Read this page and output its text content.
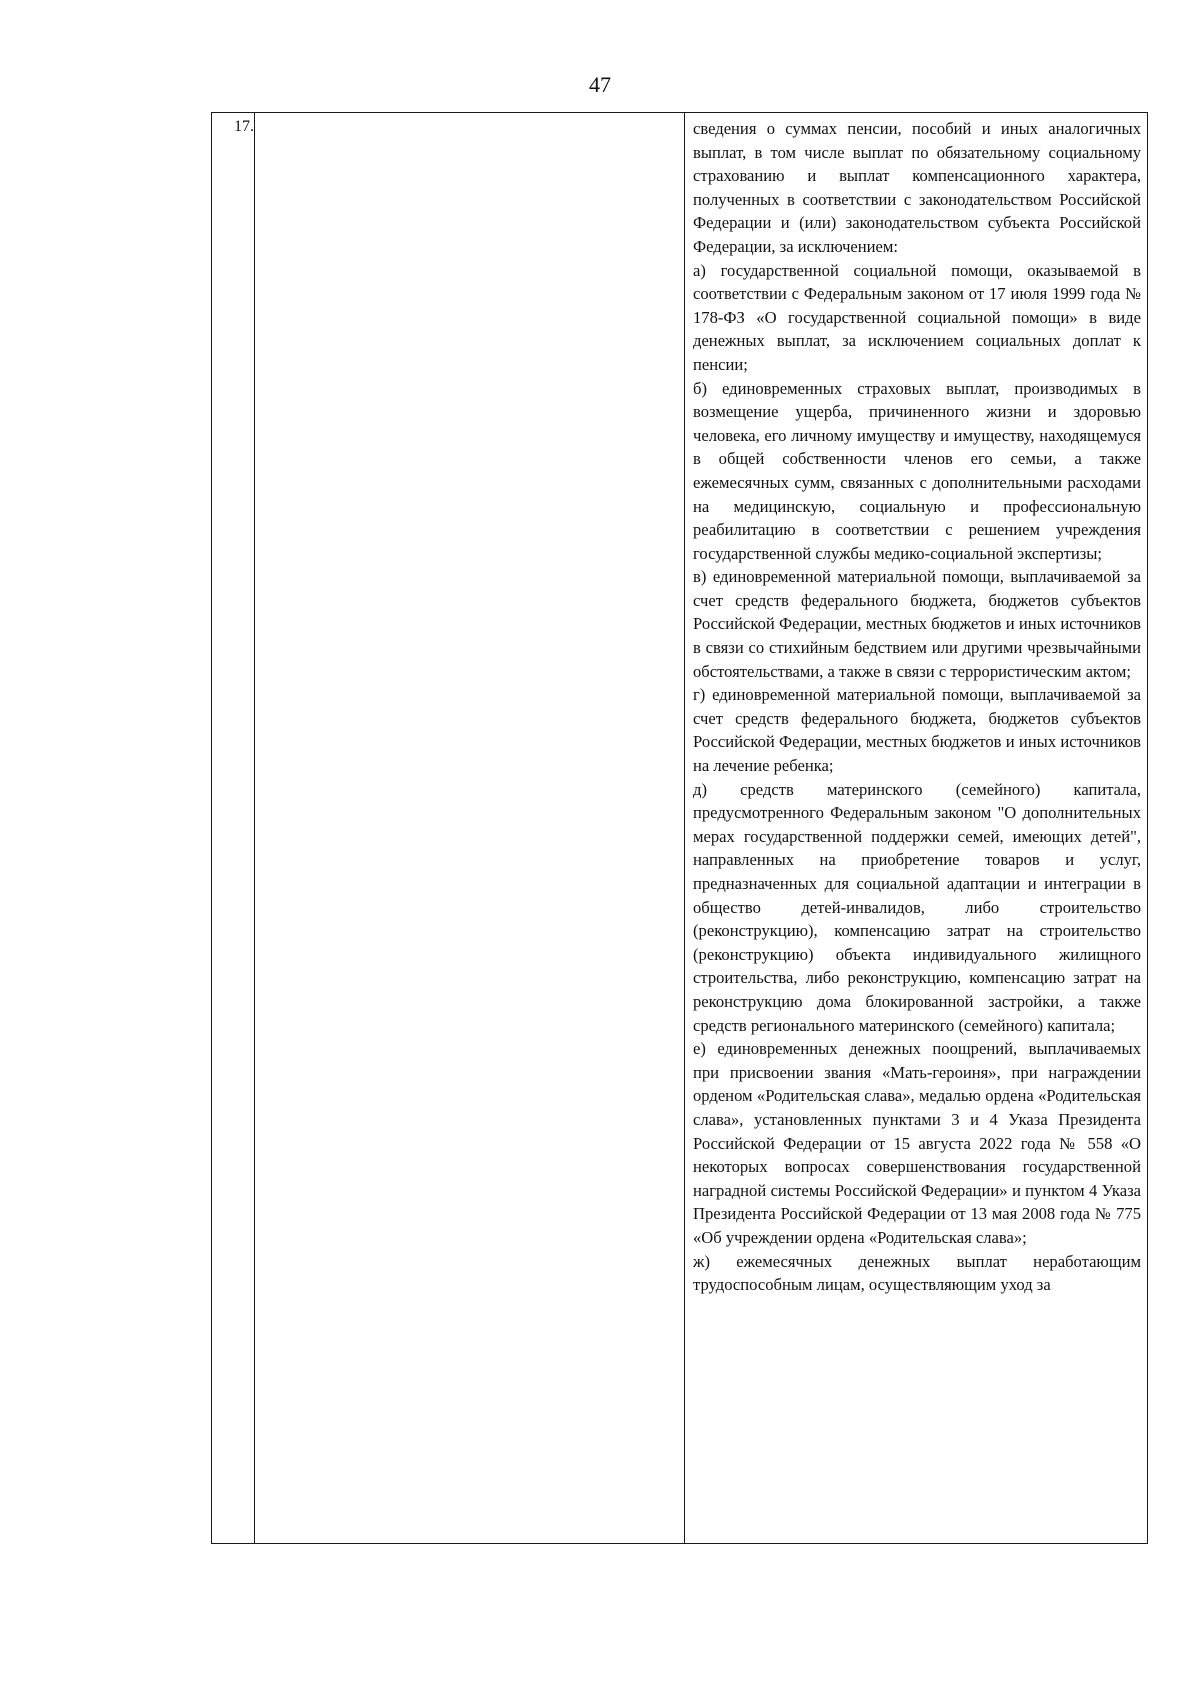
47
17.	сведения о суммах пенсии, пособий и иных аналогичных выплат, в том числе выплат по обязательному социальному страхованию и выплат компенсационного характера, полученных в соответствии с законодательством Российской Федерации и (или) законодательством субъекта Российской Федерации, за исключением:

а) государственной социальной помощи, оказываемой в соответствии с Федеральным законом от 17 июля 1999 года № 178-ФЗ «О государственной социальной помощи» в виде денежных выплат, за исключением социальных доплат к пенсии;

б) единовременных страховых выплат, производимых в возмещение ущерба, причиненного жизни и здоровью человека, его личному имуществу и имуществу, находящемуся в общей собственности членов его семьи, а также ежемесячных сумм, связанных с дополнительными расходами на медицинскую, социальную и профессиональную реабилитацию в соответствии с решением учреждения государственной службы медико-социальной экспертизы;

в) единовременной материальной помощи, выплачиваемой за счет средств федерального бюджета, бюджетов субъектов Российской Федерации, местных бюджетов и иных источников в связи со стихийным бедствием или другими чрезвычайными обстоятельствами, а также в связи с террористическим актом;

г) единовременной материальной помощи, выплачиваемой за счет средств федерального бюджета, бюджетов субъектов Российской Федерации, местных бюджетов и иных источников на лечение ребенка;

д) средств материнского (семейного) капитала, предусмотренного Федеральным законом "О дополнительных мерах государственной поддержки семей, имеющих детей", направленных на приобретение товаров и услуг, предназначенных для социальной адаптации и интеграции в общество детей-инвалидов, либо строительство (реконструкцию), компенсацию затрат на строительство (реконструкцию) объекта индивидуального жилищного строительства, либо реконструкцию, компенсацию затрат на реконструкцию дома блокированной застройки, а также средств регионального материнского (семейного) капитала;

е) единовременных денежных поощрений, выплачиваемых при присвоении звания «Мать-героиня», при награждении орденом «Родительская слава», медалью ордена «Родительская слава», установленных пунктами 3 и 4 Указа Президента Российской Федерации от 15 августа 2022 года № 558 «О некоторых вопросах совершенствования государственной наградной системы Российской Федерации» и пунктом 4 Указа Президента Российской Федерации от 13 мая 2008 года № 775 «Об учреждении ордена «Родительская слава»;

ж) ежемесячных денежных выплат неработающим трудоспособным лицам, осуществляющим уход за
